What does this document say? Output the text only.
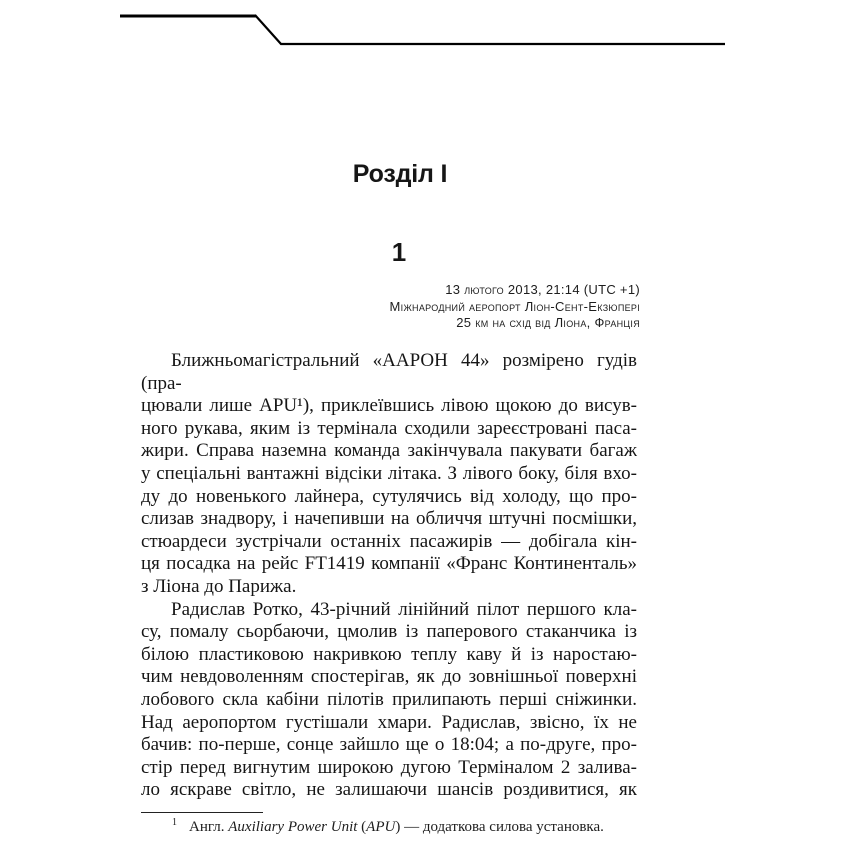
Розділ I
1
13 лютого 2013, 21:14 (UTC +1)
Міжнародний аеропорт Ліон-Сент-Екзюпері
25 км на схід від Ліона, Франція
Ближньомагістральний «ААРОН 44» розмірено гудів (пра-
цювали лише APU¹), приклеївшись лівою щокою до висув-
ного рукава, яким із термінала сходили зареєстровані паса-
жири. Справа наземна команда закінчувала пакувати багаж
у спеціальні вантажні відсіки літака. З лівого боку, біля вхо-
ду до новенького лайнера, сутулячись від холоду, що про-
слизав знадвору, і начепивши на обличчя штучні посмішки,
стюардеси зустрічали останніх пасажирів — добігала кін-
ця посадка на рейс FT1419 компанії «Франс Континенталь»
з Ліона до Парижа.
Радислав Ротко, 43-річний лінійний пілот першого кла-
су, помалу сьорбаючи, цмолив із паперового стаканчика із
білою пластиковою накривкою теплу каву й із наростаю-
чим невдоволенням спостерігав, як до зовнішньої поверхні
лобового скла кабіни пілотів прилипають перші сніжинки.
Над аеропортом густішали хмари. Радислав, звісно, їх не
бачив: по-перше, сонце зайшло ще о 18:04; а по-друге, про-
стір перед вигнутим широкою дугою Терміналом 2 залива-
ло яскраве світло, не залишаючи шансів роздивитися, як
$^1$ Англ. Auxiliary Power Unit (APU) — додаткова силова установка.
